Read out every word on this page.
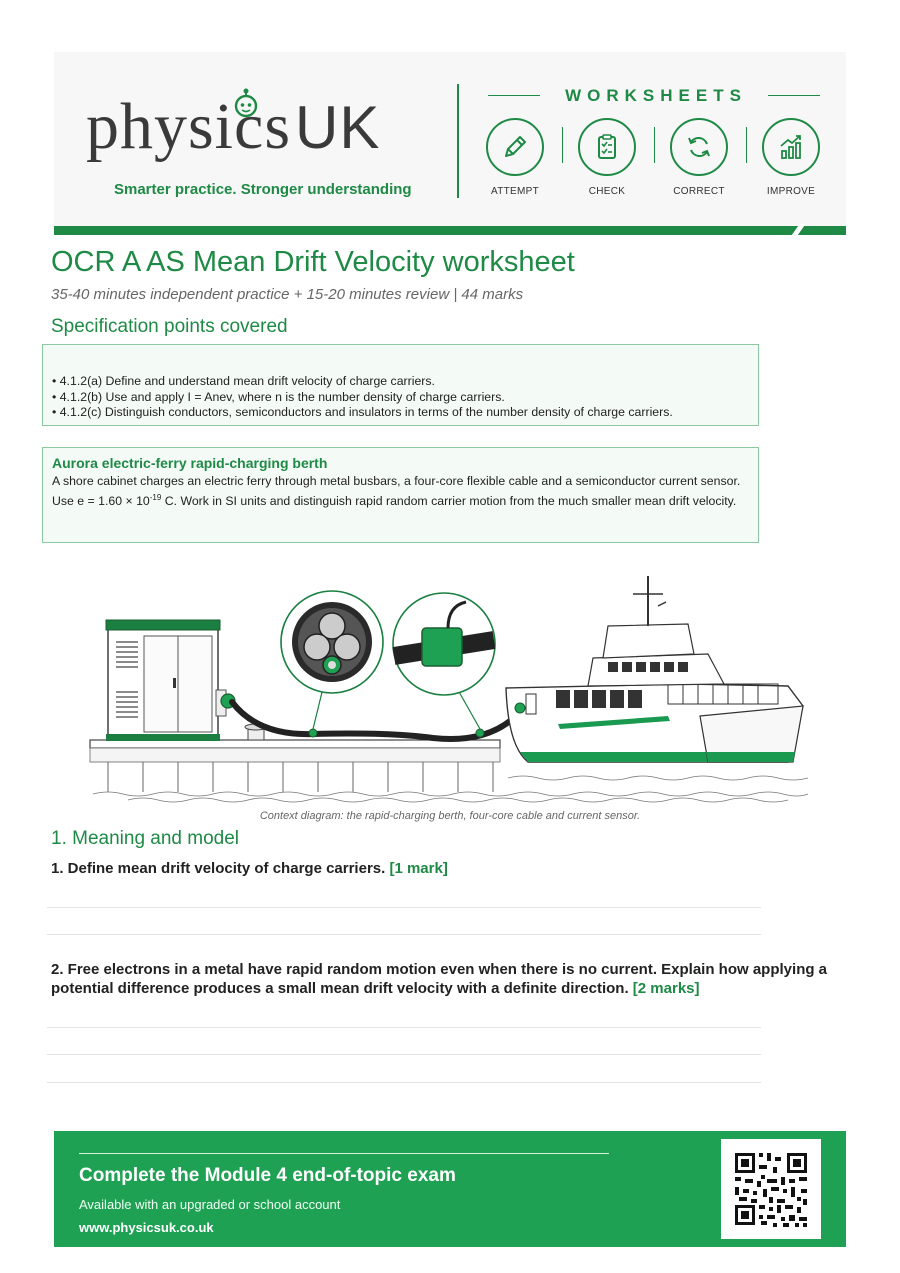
physicsUK
Smarter practice. Stronger understanding
WORKSHEETS
ATTEMPT	CHECK	CORRECT	IMPROVE
OCR A AS Mean Drift Velocity worksheet
35-40 minutes independent practice + 15-20 minutes review | 44 marks
Specification points covered
• 4.1.2(a) Define and understand mean drift velocity of charge carriers.
• 4.1.2(b) Use and apply I = Anev, where n is the number density of charge carriers.
• 4.1.2(c) Distinguish conductors, semiconductors and insulators in terms of the number density of charge carriers.
Aurora electric-ferry rapid-charging berth
A shore cabinet charges an electric ferry through metal busbars, a four-core flexible cable and a semiconductor current sensor.
Use $e = 1.60 \times 10^{-19}$ C. Work in SI units and distinguish rapid random carrier motion from the much smaller mean drift velocity.
Context diagram: the rapid-charging berth, four-core cable and current sensor.
1. Meaning and model
1. Define mean drift velocity of charge carriers. [1 mark]
2. Free electrons in a metal have rapid random motion even when there is no current. Explain how applying a potential difference produces a small mean drift velocity with a definite direction. [2 marks]
Complete the Module 4 end-of-topic exam
Available with an upgraded or school account
www.physicsuk.co.uk
